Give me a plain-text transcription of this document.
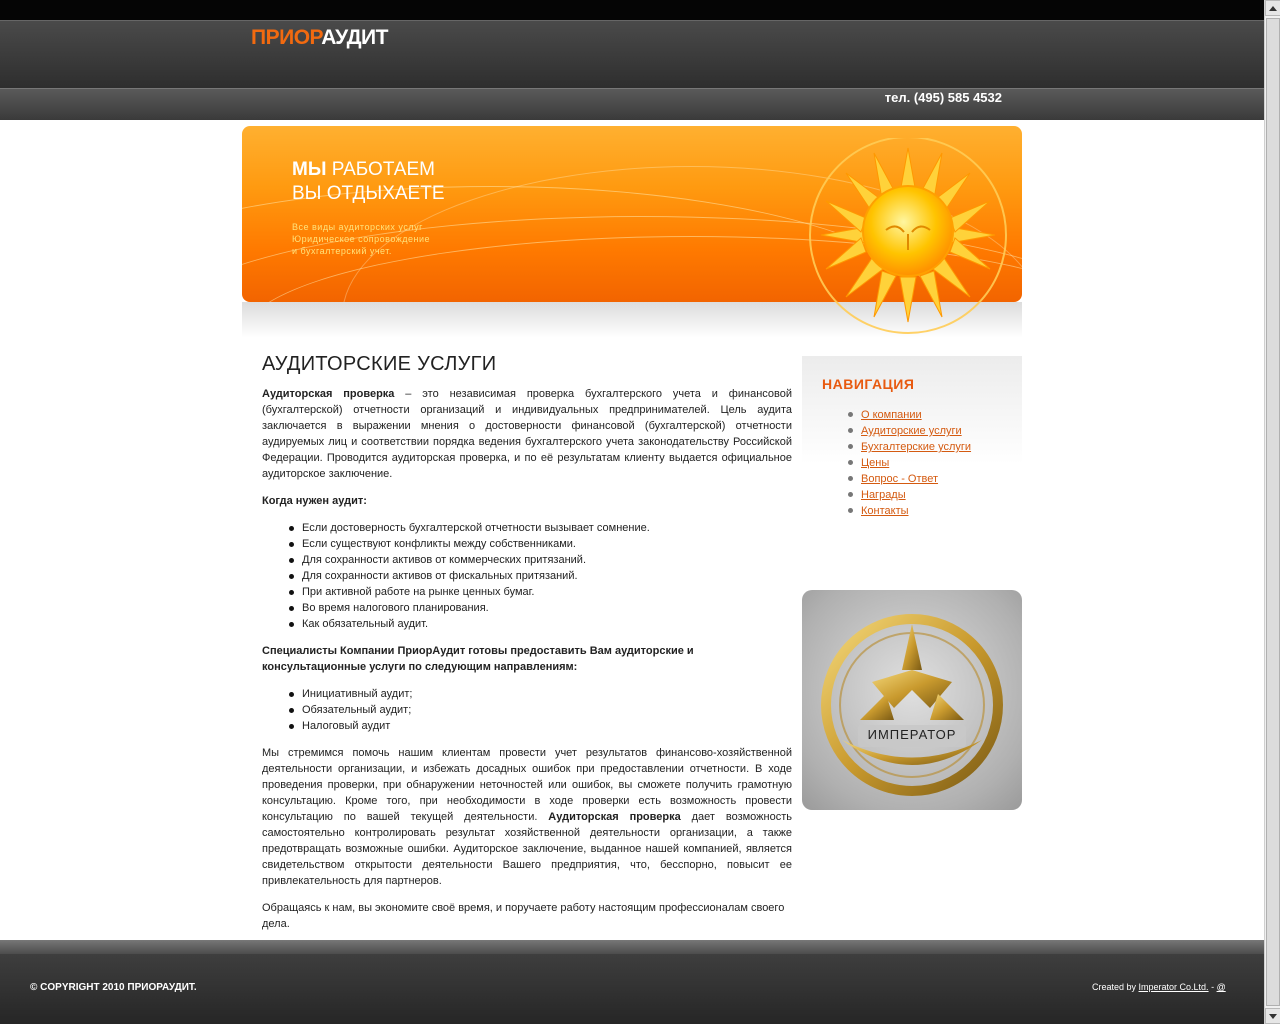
ПРИОРАУДИТ
тел. (495) 585 4532
МЫ РАБОТАЕМ
ВЫ ОТДЫХАЕТЕ
Все виды аудиторских услуг
Юридическое сопровождение
и бухгалтерский учет.
АУДИТОРСКИЕ УСЛУГИ

Аудиторская проверка – это независимая проверка бухгалтерского учета и финансовой (бухгалтерской) отчетности организаций и индивидуальных предпринимателей. Цель аудита заключается в выражении мнения о достоверности финансовой (бухгалтерской) отчетности аудируемых лиц и соответствии порядка ведения бухгалтерского учета законодательству Российской Федерации. Проводится аудиторская проверка, и по её результатам клиенту выдается официальное аудиторское заключение.

Когда нужен аудит:

Если достоверность бухгалтерской отчетности вызывает сомнение.
Если существуют конфликты между собственниками.
Для сохранности активов от коммерческих притязаний.
Для сохранности активов от фискальных притязаний.
При активной работе на рынке ценных бумаг.
Во время налогового планирования.
Как обязательный аудит.

Специалисты Компании ПриорАудит готовы предоставить Вам аудиторские и консультационные услуги по следующим направлениям:

Инициативный аудит;
Обязательный аудит;
Налоговый аудит

Мы стремимся помочь нашим клиентам провести учет результатов финансово-хозяйственной деятельности организации, и избежать досадных ошибок при предоставлении отчетности. В ходе проведения проверки, при обнаружении неточностей или ошибок, вы сможете получить грамотную консультацию. Кроме того, при необходимости в ходе проверки есть возможность провести консультацию по вашей текущей деятельности. Аудиторская проверка дает возможность самостоятельно контролировать результат хозяйственной деятельности организации, а также предотвращать возможные ошибки. Аудиторское заключение, выданное нашей компанией, является свидетельством открытости деятельности Вашего предприятия, что, бесспорно, повысит ее привлекательность для партнеров.

Обращаясь к нам, вы экономите своё время, и поручаете работу настоящим профессионалам своего дела.

НАВИГАЦИЯ
О компании
Аудиторские услуги
Бухгалтерские услуги
Цены
Вопрос - Ответ
Награды
Контакты
ИМПЕРАТОР
© COPYRIGHT 2010 ПРИОРАУДИТ.	Created by Imperator Co.Ltd. - @
